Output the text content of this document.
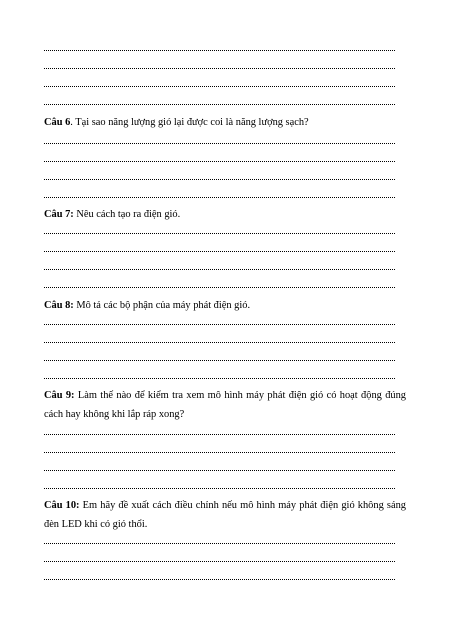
Câu 6. Tại sao năng lượng gió lại được coi là năng lượng sạch?
Câu 7: Nêu cách tạo ra điện gió.
Câu 8: Mô tả các bộ phận của máy phát điện gió.
Câu 9: Làm thế nào để kiểm tra xem mô hình máy phát điện gió có hoạt động đúng cách hay không khi lắp ráp xong?
Câu 10: Em hãy đề xuất cách điều chỉnh nếu mô hình máy phát điện gió không sáng đèn LED khi có gió thổi.
